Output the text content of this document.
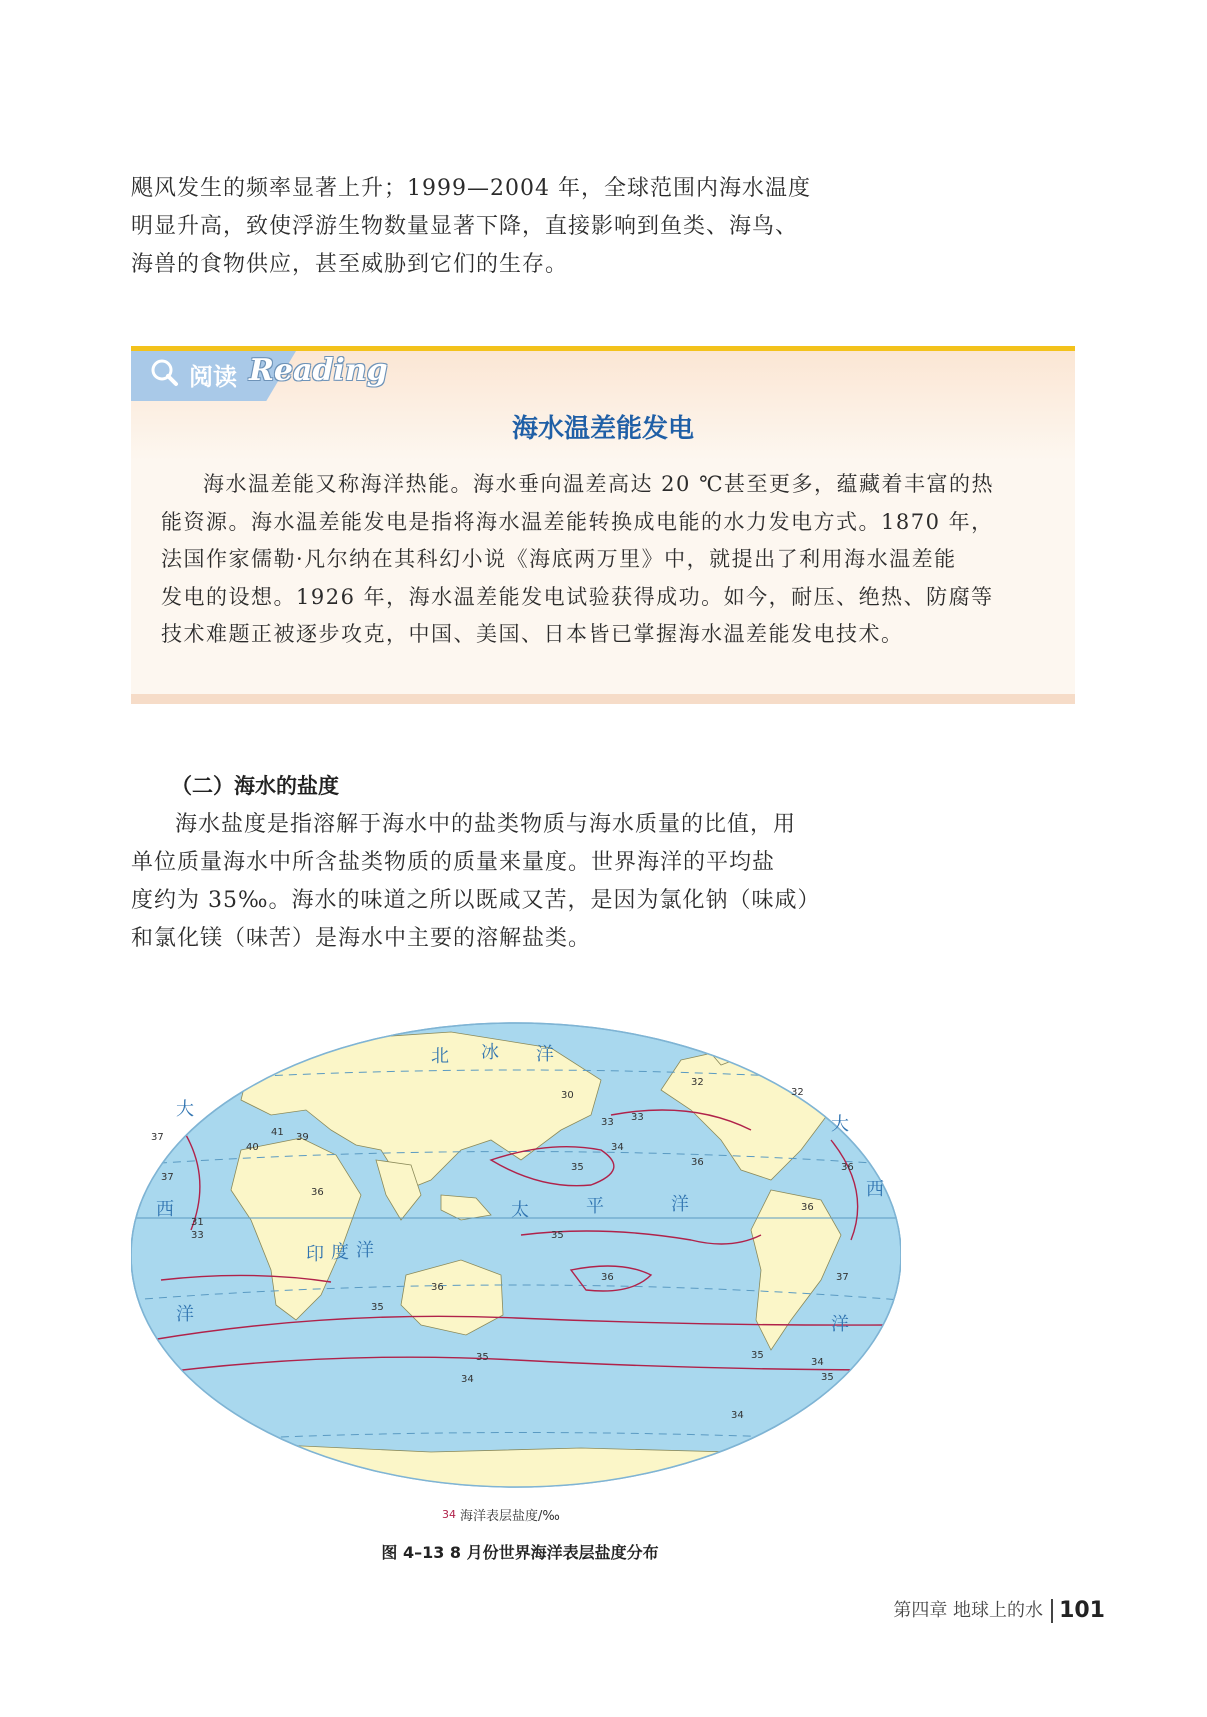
飓风发生的频率显著上升；1999—2004 年，全球范围内海水温度

明显升高，致使浮游生物数量显著下降，直接影响到鱼类、海鸟、

海兽的食物供应，甚至威胁到它们的生存。

阅读 Reading
海水温差能发电

海水温差能又称海洋热能。海水垂向温差高达 20 ℃甚至更多，蕴藏着丰富的热

能资源。海水温差能发电是指将海水温差能转换成电能的水力发电方式。1870 年，

法国作家儒勒·凡尔纳在其科幻小说《海底两万里》中，就提出了利用海水温差能

发电的设想。1926 年，海水温差能发电试验获得成功。如今，耐压、绝热、防腐等

技术难题正被逐步攻克，中国、美国、日本皆已掌握海水温差能发电技术。

（二）海水的盐度

海水盐度是指溶解于海水中的盐类物质与海水质量的比值，用

单位质量海水中所含盐类物质的质量来量度。世界海洋的平均盐

度约为 35‰。海水的味道之所以既咸又苦，是因为氯化钠（味咸）

和氯化镁（味苦）是海水中主要的溶解盐类。

北 冰 洋
太	平	洋
印 度 洋
大
西
洋
大
西
洋
35
34
35
36
37
33
34
32
30
33
35	36
35
36
34
35
36
37
34
35
32
36
37
40
41 39
36
31
33
34 海洋表层盐度/‰
图 4–13 8 月份世界海洋表层盐度分布
第四章 地球上的水 101
